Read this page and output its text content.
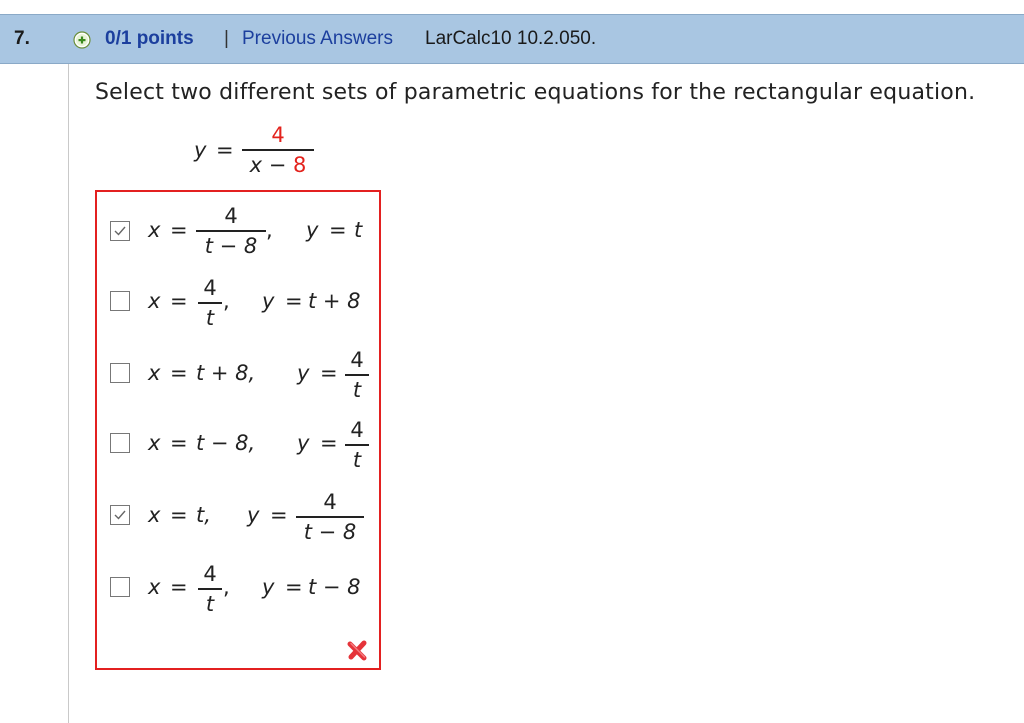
7.	0/1 points | Previous Answers LarCalc10 10.2.050.
Select two different sets of parametric equations for the rectangular equation.
y =
4
x − 8
x =
4
t − 8
, y = t
x =
4
t
, y = t + 8
x = t + 8, y =
4
t
x = t − 8, y =
4
t
x = t, y =
4
t − 8
x =
4
t
, y = t − 8
